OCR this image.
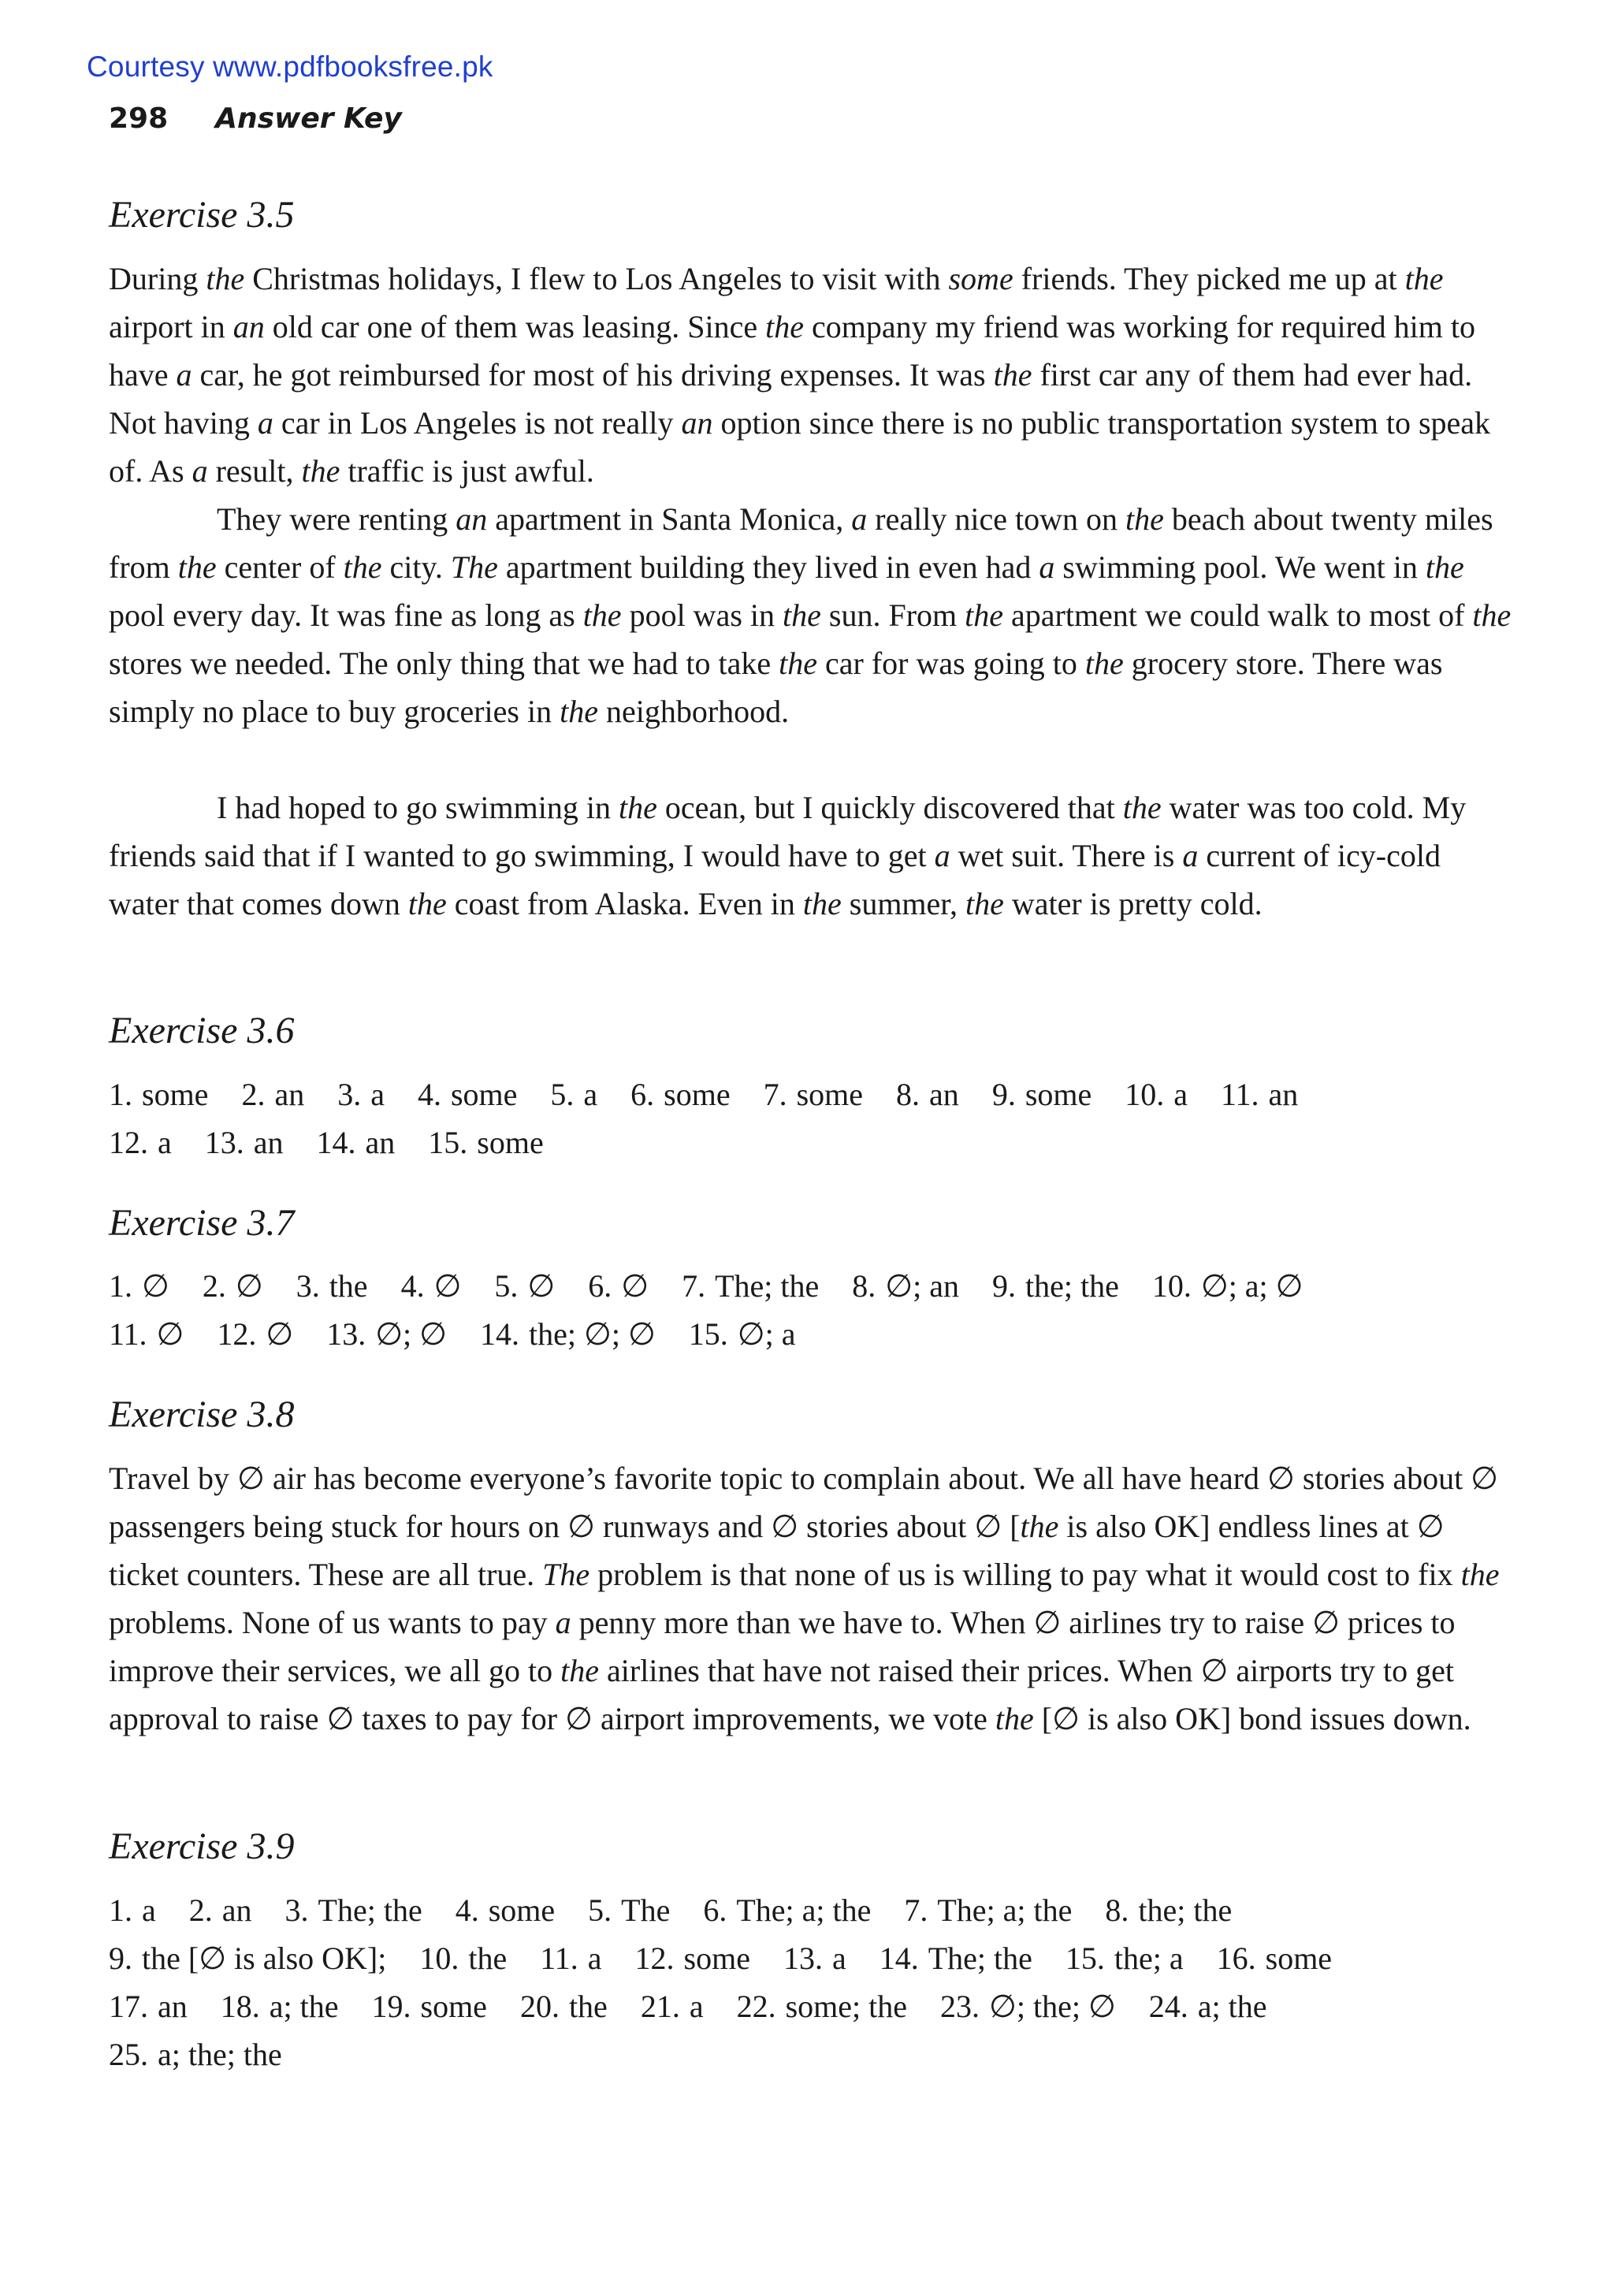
Courtesy www.pdfbooksfree.pk
298 Answer Key
Exercise 3.5

During the Christmas holidays, I flew to Los Angeles to visit with some friends. They picked me up at the airport in an old car one of them was leasing. Since the company my friend was working for required him to have a car, he got reimbursed for most of his driving expenses. It was the first car any of them had ever had. Not having a car in Los Angeles is not really an option since there is no public transportation system to speak of. As a result, the traffic is just awful.

They were renting an apartment in Santa Monica, a really nice town on the beach about twenty miles from the center of the city. The apartment building they lived in even had a swimming pool. We went in the pool every day. It was fine as long as the pool was in the sun. From the apartment we could walk to most of the stores we needed. The only thing that we had to take the car for was going to the grocery store. There was simply no place to buy groceries in the neighborhood.

I had hoped to go swimming in the ocean, but I quickly discovered that the water was too cold. My friends said that if I wanted to go swimming, I would have to get a wet suit. There is a current of icy-cold water that comes down the coast from Alaska. Even in the summer, the water is pretty cold.

Exercise 3.6
1. some 2. an 3. a 4. some 5. a 6. some 7. some 8. an 9. some 10. a 11. an
12. a 13. an 14. an 15. some
Exercise 3.7
1. ∅ 2. ∅ 3. the 4. ∅ 5. ∅ 6. ∅ 7. The; the 8. ∅; an 9. the; the 10. ∅; a; ∅
11. ∅ 12. ∅ 13. ∅; ∅ 14. the; ∅; ∅ 15. ∅; a
Exercise 3.8

Travel by ∅ air has become everyone’s favorite topic to complain about. We all have heard ∅ stories about ∅ passengers being stuck for hours on ∅ runways and ∅ stories about ∅ [the is also OK] endless lines at ∅ ticket counters. These are all true. The problem is that none of us is willing to pay what it would cost to fix the problems. None of us wants to pay a penny more than we have to. When ∅ airlines try to raise ∅ prices to improve their services, we all go to the airlines that have not raised their prices. When ∅ airports try to get approval to raise ∅ taxes to pay for ∅ airport improvements, we vote the [∅ is also OK] bond issues down.

Exercise 3.9
1. a 2. an 3. The; the 4. some 5. The 6. The; a; the 7. The; a; the 8. the; the
9. the [∅ is also OK]; 10. the 11. a 12. some 13. a 14. The; the 15. the; a 16. some
17. an 18. a; the 19. some 20. the 21. a 22. some; the 23. ∅; the; ∅ 24. a; the
25. a; the; the
